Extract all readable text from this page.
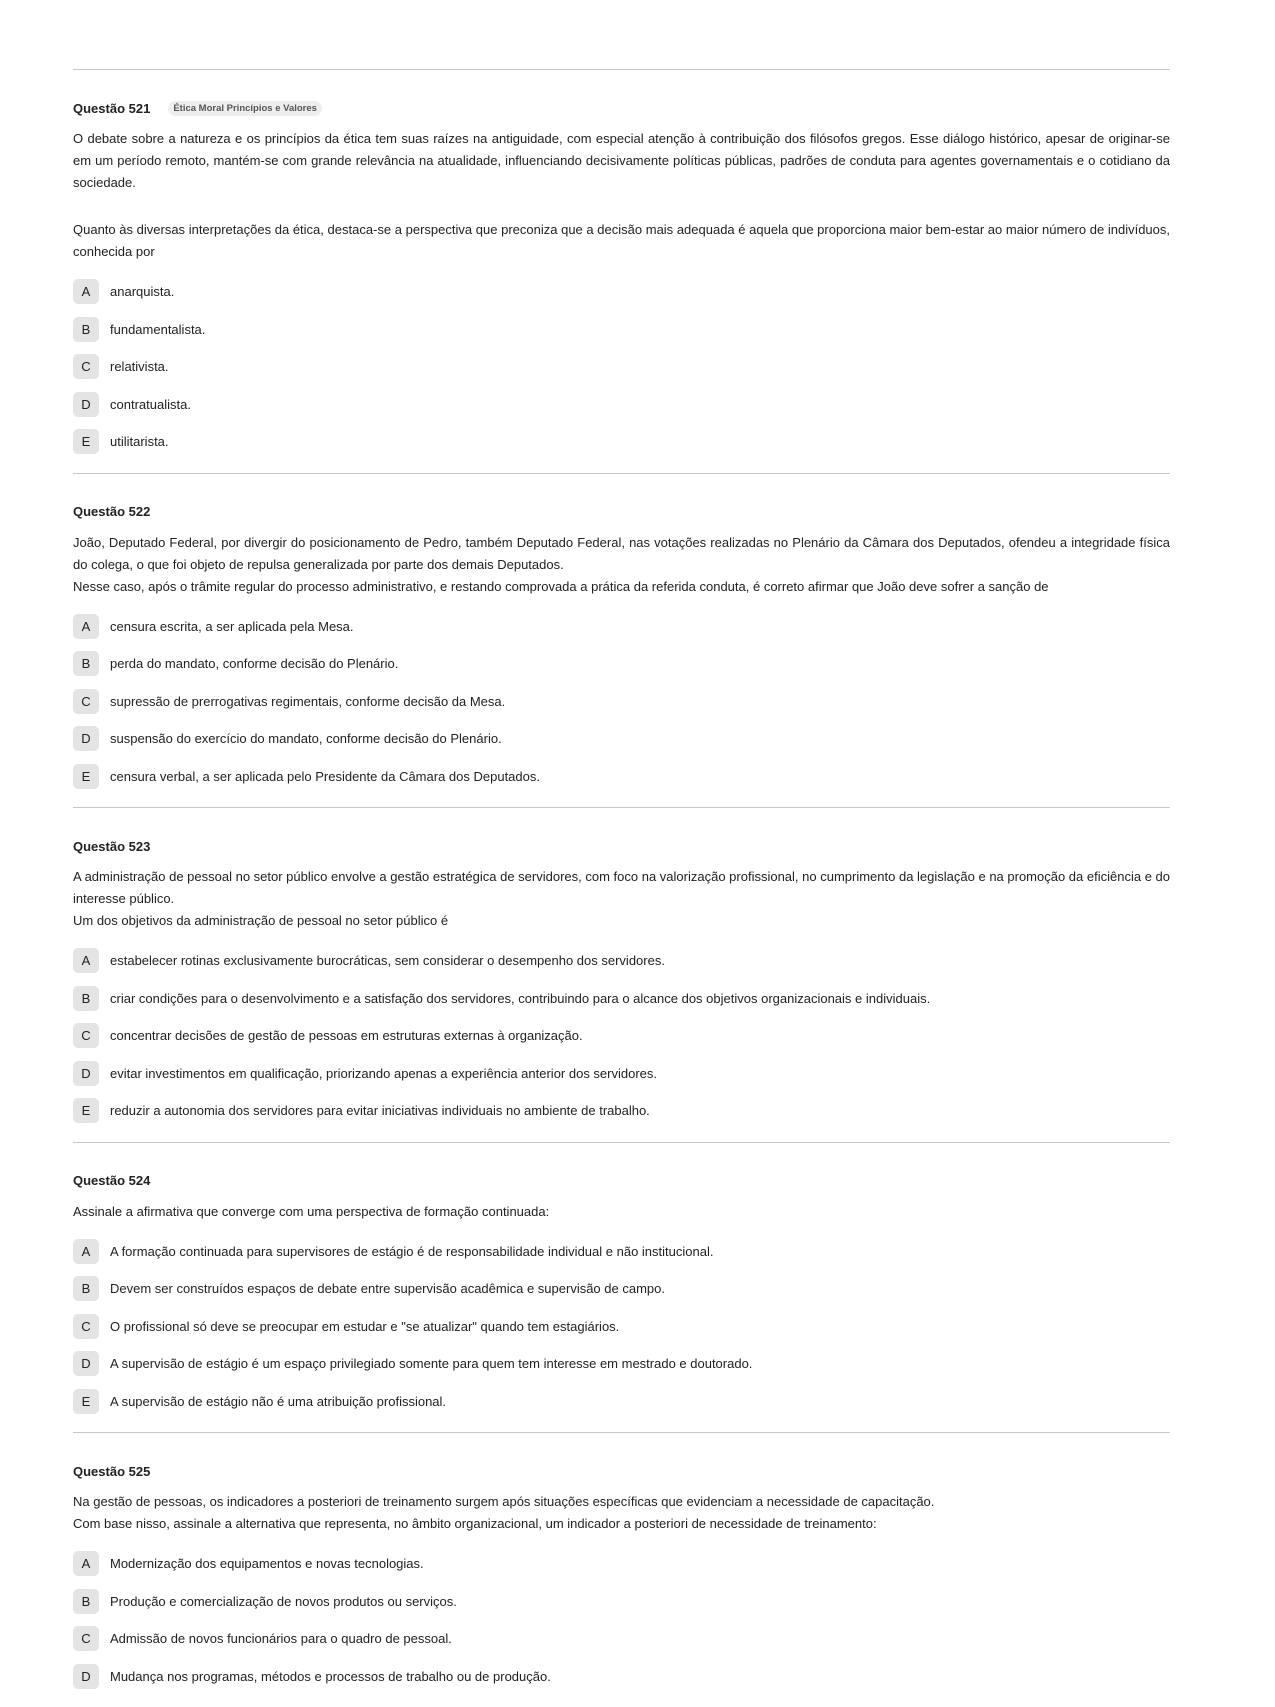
Questão 521	Ética Moral Princípios e Valores

O debate sobre a natureza e os princípios da ética tem suas raízes na antiguidade, com especial atenção à contribuição dos filósofos gregos. Esse diálogo histórico, apesar de originar-se em um período remoto, mantém-se com grande relevância na atualidade, influenciando decisivamente políticas públicas, padrões de conduta para agentes governamentais e o cotidiano da sociedade.

Quanto às diversas interpretações da ética, destaca-se a perspectiva que preconiza que a decisão mais adequada é aquela que proporciona maior bem-estar ao maior número de indivíduos, conhecida por

A	anarquista.
B	fundamentalista.
C	relativista.
D	contratualista.
E	utilitarista.
Questão 522

João, Deputado Federal, por divergir do posicionamento de Pedro, também Deputado Federal, nas votações realizadas no Plenário da Câmara dos Deputados, ofendeu a integridade física do colega, o que foi objeto de repulsa generalizada por parte dos demais Deputados.

Nesse caso, após o trâmite regular do processo administrativo, e restando comprovada a prática da referida conduta, é correto afirmar que João deve sofrer a sanção de

A	censura escrita, a ser aplicada pela Mesa.
B	perda do mandato, conforme decisão do Plenário.
C	supressão de prerrogativas regimentais, conforme decisão da Mesa.
D	suspensão do exercício do mandato, conforme decisão do Plenário.
E	censura verbal, a ser aplicada pelo Presidente da Câmara dos Deputados.
Questão 523

A administração de pessoal no setor público envolve a gestão estratégica de servidores, com foco na valorização profissional, no cumprimento da legislação e na promoção da eficiência e do interesse público.

Um dos objetivos da administração de pessoal no setor público é

A	estabelecer rotinas exclusivamente burocráticas, sem considerar o desempenho dos servidores.
B	criar condições para o desenvolvimento e a satisfação dos servidores, contribuindo para o alcance dos objetivos organizacionais e individuais.
C	concentrar decisões de gestão de pessoas em estruturas externas à organização.
D	evitar investimentos em qualificação, priorizando apenas a experiência anterior dos servidores.
E	reduzir a autonomia dos servidores para evitar iniciativas individuais no ambiente de trabalho.
Questão 524

Assinale a afirmativa que converge com uma perspectiva de formação continuada:

A	A formação continuada para supervisores de estágio é de responsabilidade individual e não institucional.
B	Devem ser construídos espaços de debate entre supervisão acadêmica e supervisão de campo.
C	O profissional só deve se preocupar em estudar e "se atualizar" quando tem estagiários.
D	A supervisão de estágio é um espaço privilegiado somente para quem tem interesse em mestrado e doutorado.
E	A supervisão de estágio não é uma atribuição profissional.
Questão 525

Na gestão de pessoas, os indicadores a posteriori de treinamento surgem após situações específicas que evidenciam a necessidade de capacitação.

Com base nisso, assinale a alternativa que representa, no âmbito organizacional, um indicador a posteriori de necessidade de treinamento:

A	Modernização dos equipamentos e novas tecnologias.
B	Produção e comercialização de novos produtos ou serviços.
C	Admissão de novos funcionários para o quadro de pessoal.
D	Mudança nos programas, métodos e processos de trabalho ou de produção.
